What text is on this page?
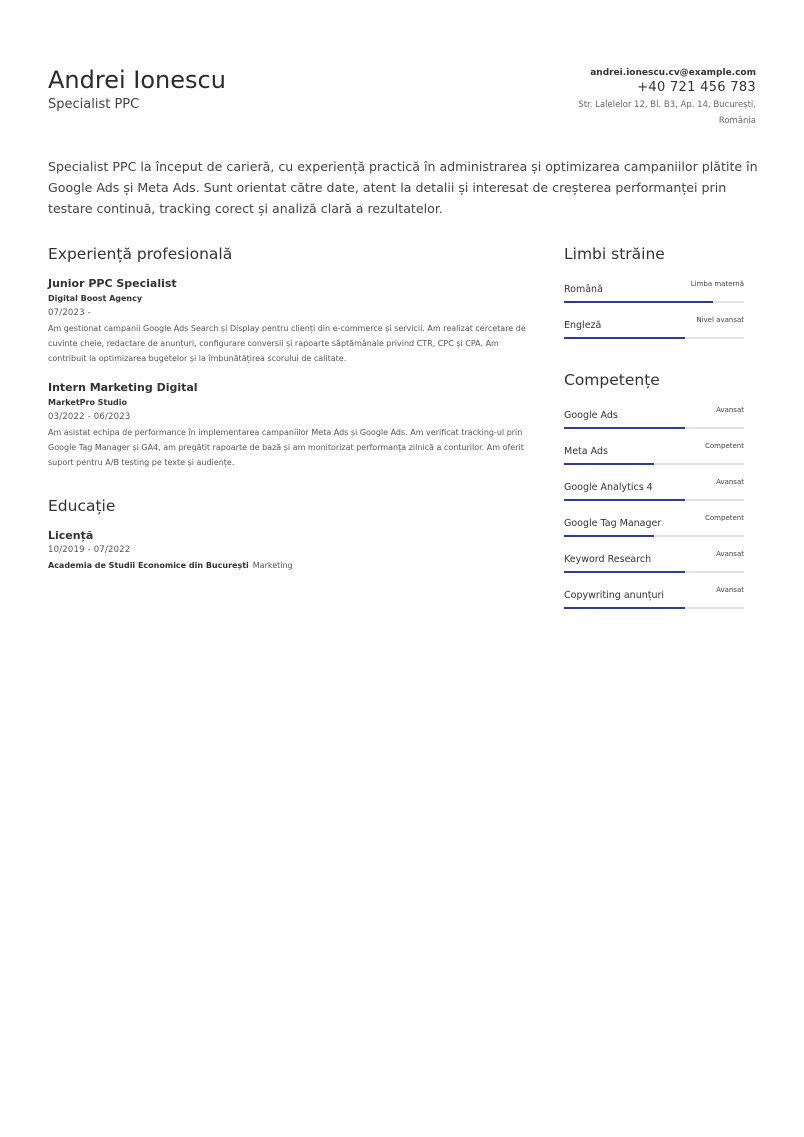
Andrei Ionescu
Specialist PPC
andrei.ionescu.cv@example.com
+40 721 456 783
Str. Lalelelor 12, Bl. B3, Ap. 14, București,
România
Specialist PPC la început de carieră, cu experiență practică în administrarea și optimizarea campaniilor plătite în Google Ads și Meta Ads. Sunt orientat către date, atent la detalii și interesat de creșterea performanței prin testare continuă, tracking corect și analiză clară a rezultatelor.
Experiență profesională
Junior PPC Specialist
Digital Boost Agency
07/2023 -
Am gestionat campanii Google Ads Search și Display pentru clienți din e-commerce și servicii. Am realizat cercetare de cuvinte cheie, redactare de anunțuri, configurare conversii și rapoarte săptămânale privind CTR, CPC și CPA. Am contribuit la optimizarea bugetelor și la îmbunătățirea scorului de calitate.
Intern Marketing Digital
MarketPro Studio
03/2022 - 06/2023
Am asistat echipa de performance în implementarea campaniilor Meta Ads și Google Ads. Am verificat tracking-ul prin Google Tag Manager și GA4, am pregătit rapoarte de bază și am monitorizat performanța zilnică a conturilor. Am oferit suport pentru A/B testing pe texte și audiențe.
Educație
Licență
10/2019 - 07/2022
Academia de Studii Economice din București Marketing
Limbi străine
Română	Limba maternă
Engleză	Nivel avansat
Competențe
Google Ads	Avansat
Meta Ads	Competent
Google Analytics 4	Avansat
Google Tag Manager	Competent
Keyword Research	Avansat
Copywriting anunțuri	Avansat
